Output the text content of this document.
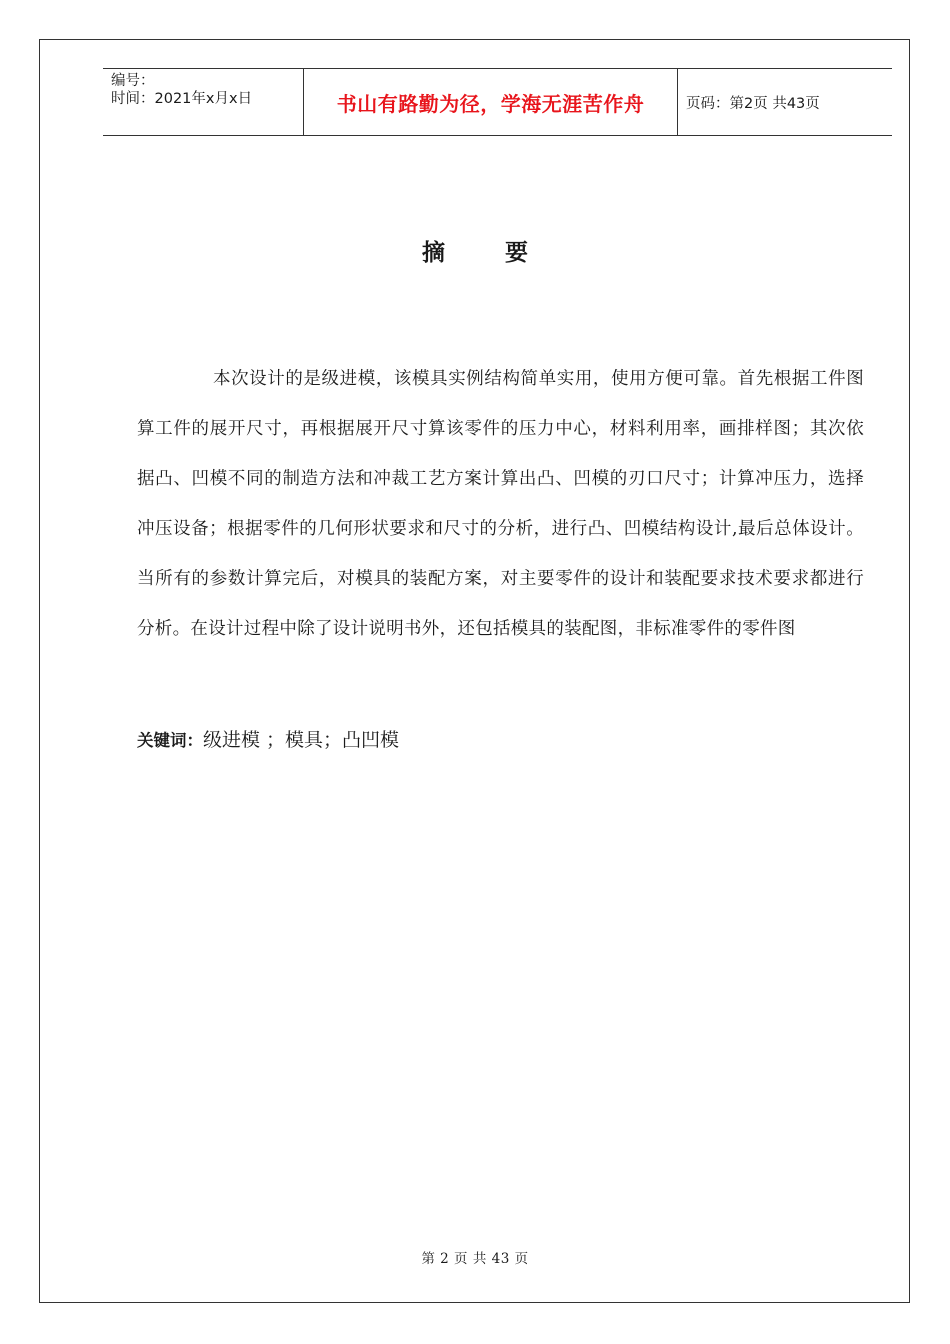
编号：
时间：2021年x月x日	书山有路勤为径，学海无涯苦作舟	页码：第2页 共43页
摘 要

本次设计的是级进模，该模具实例结构简单实用，使用方便可靠。首先根据工件图算工件的展开尺寸，再根据展开尺寸算该零件的压力中心，材料利用率，画排样图；其次依据凸、凹模不同的制造方法和冲裁工艺方案计算出凸、凹模的刃口尺寸；计算冲压力，选择冲压设备；根据零件的几何形状要求和尺寸的分析，进行凸、凹模结构设计,最后总体设计。当所有的参数计算完后，对模具的装配方案，对主要零件的设计和装配要求技术要求都进行分析。在设计过程中除了设计说明书外，还包括模具的装配图，非标准零件的零件图

关键词：级进模 ；模具；凸凹模
第 2 页 共 43 页
